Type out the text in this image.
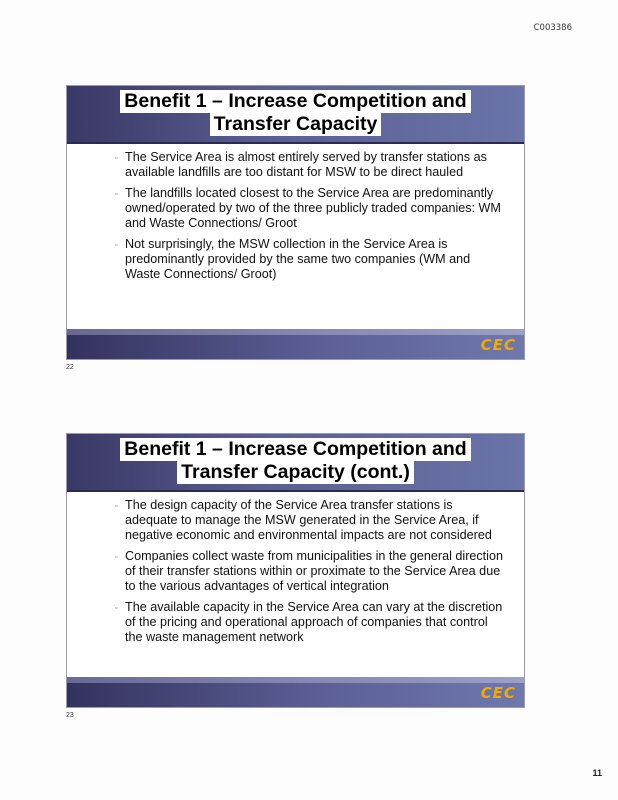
C003386
Benefit 1 – Increase Competition and
Transfer Capacity
▫ The Service Area is almost entirely served by transfer stations as available landfills are too distant for MSW to be direct hauled
▫ The landfills located closest to the Service Area are predominantly owned/operated by two of the three publicly traded companies: WM and Waste Connections/ Groot
▫ Not surprisingly, the MSW collection in the Service Area is predominantly provided by the same two companies (WM and Waste Connections/ Groot)
CEC
22
Benefit 1 – Increase Competition and
Transfer Capacity (cont.)
▫ The design capacity of the Service Area transfer stations is adequate to manage the MSW generated in the Service Area, if negative economic and environmental impacts are not considered
▫ Companies collect waste from municipalities in the general direction of their transfer stations within or proximate to the Service Area due to the various advantages of vertical integration
▫ The available capacity in the Service Area can vary at the discretion of the pricing and operational approach of companies that control the waste management network
CEC
23
11
